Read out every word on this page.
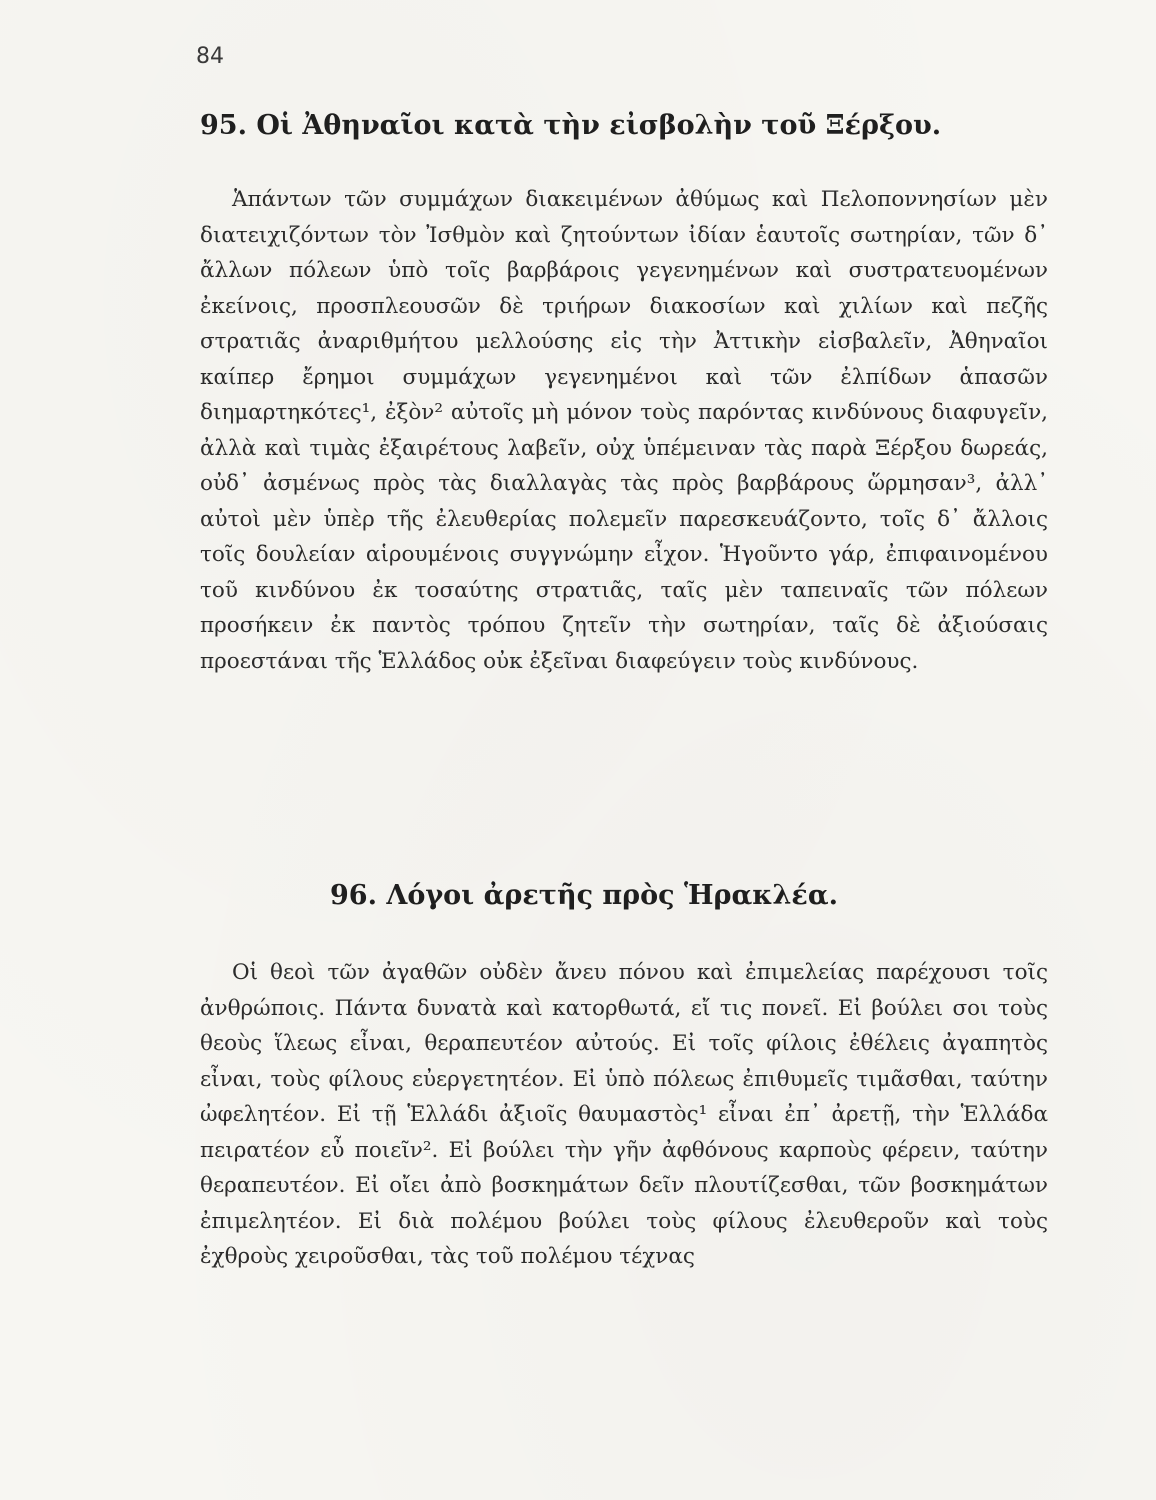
84
95. Οἱ Ἀθηναῖοι κατὰ τὴν εἰσβολὴν τοῦ Ξέρξου.

Ἁπάντων τῶν συμμάχων διακειμένων ἀθύμως καὶ Πελοποννησίων μὲν διατειχιζόντων τὸν Ἰσθμὸν καὶ ζητούντων ἰδίαν ἑαυτοῖς σωτηρίαν, τῶν δ᾿ ἄλλων πόλεων ὑπὸ τοῖς βαρβάροις γεγενημένων καὶ συστρατευομένων ἐκείνοις, προσπλεουσῶν δὲ τριήρων διακοσίων καὶ χιλίων καὶ πεζῆς στρατιᾶς ἀναριθμήτου μελλούσης εἰς τὴν Ἀττικὴν εἰσβαλεῖν, Ἀθηναῖοι καίπερ ἔρημοι συμμάχων γεγενημένοι καὶ τῶν ἐλπίδων ἁπασῶν διημαρτηκότες¹, ἐξὸν² αὐτοῖς μὴ μόνον τοὺς παρόντας κινδύνους διαφυγεῖν, ἀλλὰ καὶ τιμὰς ἐξαιρέτους λαβεῖν, οὐχ ὑπέμειναν τὰς παρὰ Ξέρξου δωρεάς, οὐδ᾿ ἀσμένως πρὸς τὰς διαλλαγὰς τὰς πρὸς βαρβάρους ὥρμησαν³, ἀλλ᾿ αὐτοὶ μὲν ὑπὲρ τῆς ἐλευθερίας πολεμεῖν παρεσκευάζοντο, τοῖς δ᾿ ἄλλοις τοῖς δουλείαν αἱρουμένοις συγγνώμην εἶχον. Ἡγοῦντο γάρ, ἐπιφαινομένου τοῦ κινδύνου ἐκ τοσαύτης στρατιᾶς, ταῖς μὲν ταπειναῖς τῶν πόλεων προσήκειν ἐκ παντὸς τρόπου ζητεῖν τὴν σωτηρίαν, ταῖς δὲ ἀξιούσαις προεστάναι τῆς Ἑλλάδος οὐκ ἐξεῖναι διαφεύγειν τοὺς κινδύνους.

96. Λόγοι ἀρετῆς πρὸς Ἡρακλέα.

Οἱ θεοὶ τῶν ἀγαθῶν οὐδὲν ἄνευ πόνου καὶ ἐπιμελείας παρέχουσι τοῖς ἀνθρώποις. Πάντα δυνατὰ καὶ κατορθωτά, εἴ τις πονεῖ. Εἰ βούλει σοι τοὺς θεοὺς ἵλεως εἶναι, θεραπευτέον αὐτούς. Εἰ τοῖς φίλοις ἐθέλεις ἀγαπητὸς εἶναι, τοὺς φίλους εὐεργετητέον. Εἰ ὑπὸ πόλεως ἐπιθυμεῖς τιμᾶσθαι, ταύτην ὠφελητέον. Εἰ τῇ Ἑλλάδι ἀξιοῖς θαυμαστὸς¹ εἶναι ἐπ᾿ ἀρετῇ, τὴν Ἑλλάδα πειρατέον εὖ ποιεῖν². Εἰ βούλει τὴν γῆν ἀφθόνους καρποὺς φέρειν, ταύτην θεραπευτέον. Εἰ οἴει ἀπὸ βοσκημάτων δεῖν πλουτίζεσθαι, τῶν βοσκημάτων ἐπιμελητέον. Εἰ διὰ πολέμου βούλει τοὺς φίλους ἐλευθεροῦν καὶ τοὺς ἐχθροὺς χειροῦσθαι, τὰς τοῦ πολέμου τέχνας
